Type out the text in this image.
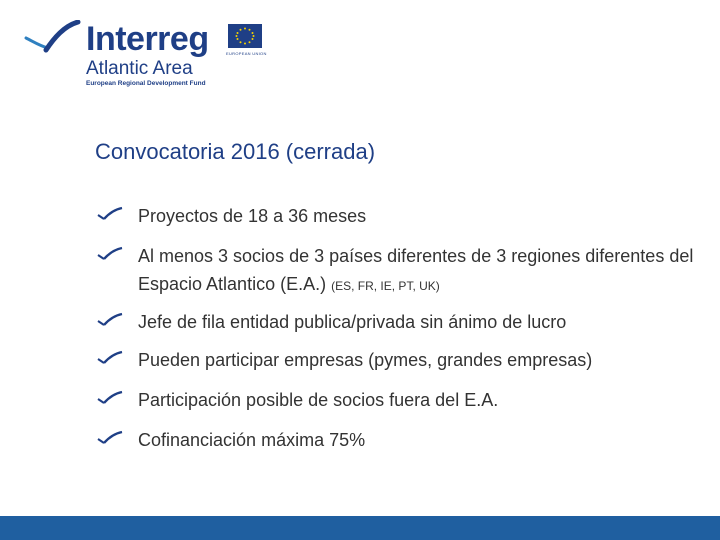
Interreg	EUROPEAN UNION
Atlantic Area
European Regional Development Fund
Convocatoria 2016 (cerrada)
Proyectos de 18 a 36 meses
Al menos 3 socios de 3 países diferentes de 3 regiones diferentes del Espacio Atlantico (E.A.) (ES, FR, IE, PT, UK)
Jefe de fila entidad publica/privada sin ánimo de lucro
Pueden participar empresas (pymes, grandes empresas)
Participación posible de socios fuera del E.A.
Cofinanciación máxima 75%
